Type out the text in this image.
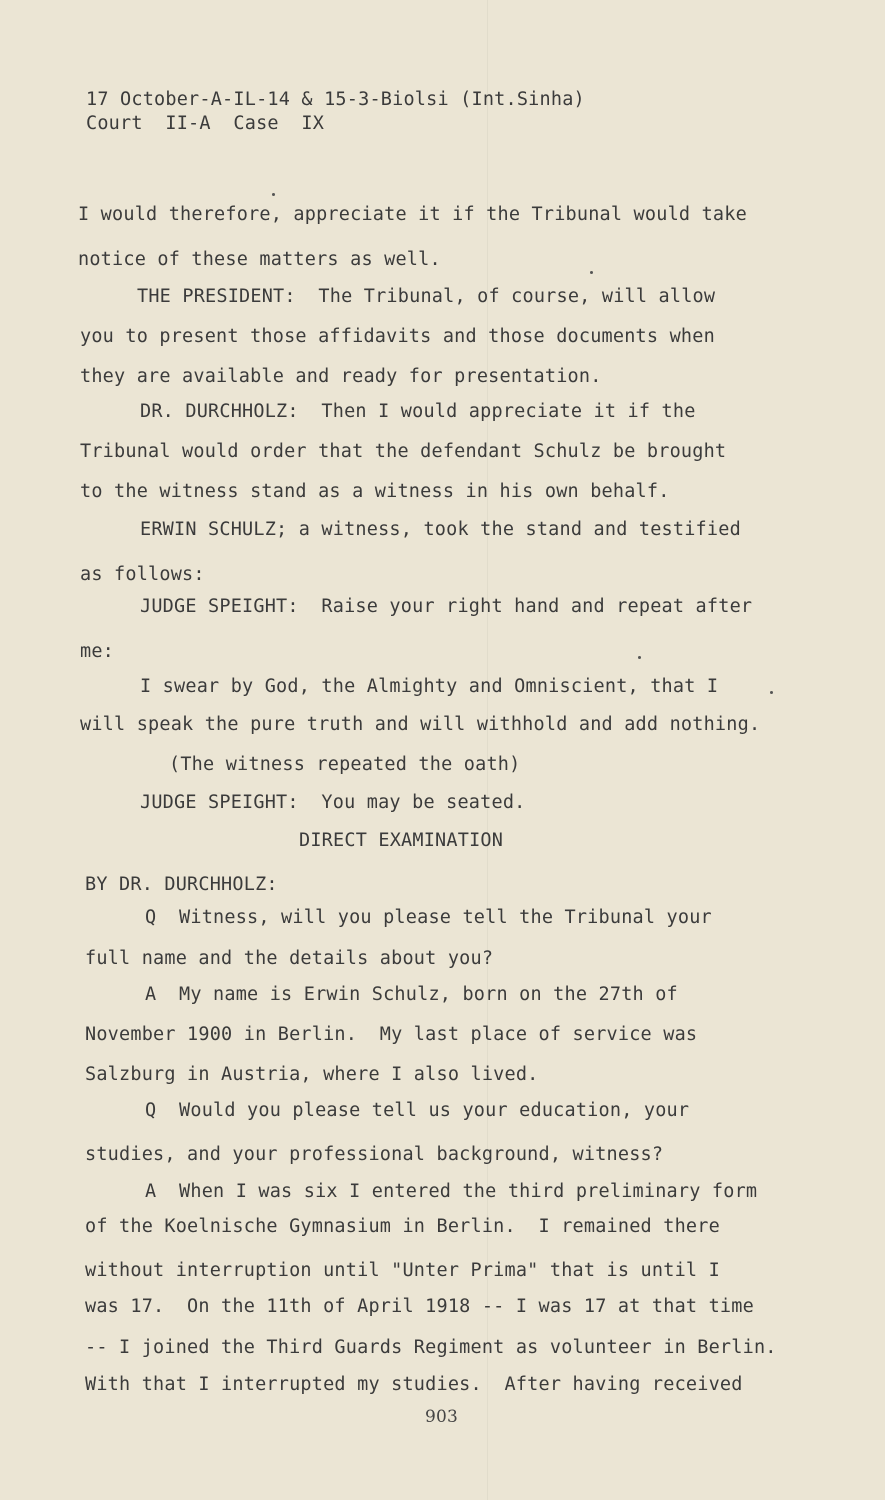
17 October-A-IL-14 & 15-3-Biolsi (Int.Sinha)
Court  II-A  Case  IX
I would therefore, appreciate it if the Tribunal would take
notice of these matters as well.
THE PRESIDENT:  The Tribunal, of course, will allow
you to present those affidavits and those documents when
they are available and ready for presentation.
DR. DURCHHOLZ:  Then I would appreciate it if the
Tribunal would order that the defendant Schulz be brought
to the witness stand as a witness in his own behalf.
ERWIN SCHULZ; a witness, took the stand and testified
as follows:
JUDGE SPEIGHT:  Raise your right hand and repeat after
me:
I swear by God, the Almighty and Omniscient, that I
will speak the pure truth and will withhold and add nothing.
(The witness repeated the oath)
JUDGE SPEIGHT:  You may be seated.
DIRECT EXAMINATION
BY DR. DURCHHOLZ:
Q  Witness, will you please tell the Tribunal your
full name and the details about you?
A  My name is Erwin Schulz, born on the 27th of
November 1900 in Berlin.  My last place of service was
Salzburg in Austria, where I also lived.
Q  Would you please tell us your education, your
studies, and your professional background, witness?
A  When I was six I entered the third preliminary form
of the Koelnische Gymnasium in Berlin.  I remained there
without interruption until "Unter Prima" that is until I
was 17.  On the 11th of April 1918 -- I was 17 at that time
-- I joined the Third Guards Regiment as volunteer in Berlin.
With that I interrupted my studies.  After having received
903
